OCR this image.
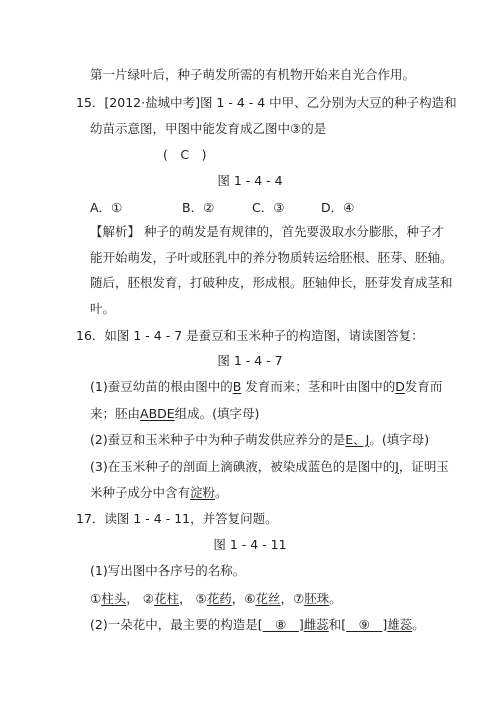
第一片绿叶后，种子萌发所需的有机物开始来自光合作用。
15．[2012·盐城中考]图 1 - 4 - 4 中甲、乙分别为大豆的种子构造和
幼苗示意图，甲图中能发育成乙图中③的是
(　C　)
图 1 - 4 - 4
A．①	B．②	C．③	D．④
【解析】 种子的萌发是有规律的，首先要汲取水分膨胀，种子才
能开始萌发，子叶或胚乳中的养分物质转运给胚根、胚芽、胚轴。
随后，胚根发育，打破种皮，形成根。胚轴伸长，胚芽发育成茎和
叶。
16．如图 1 - 4 - 7 是蚕豆和玉米种子的构造图，请读图答复：
图 1 - 4 - 7
(1)蚕豆幼苗的根由图中的B 发育而来；茎和叶由图中的D发育而
来；胚由ABDE组成。(填字母)
(2)蚕豆和玉米种子中为种子萌发供应养分的是E、J。(填字母)
(3)在玉米种子的剖面上滴碘液，被染成蓝色的是图中的J，证明玉
米种子成分中含有淀粉。
17．读图 1 - 4 - 11，并答复问题。
图 1 - 4 - 11
(1)写出图中各序号的名称。
①柱头， ②花柱， ⑤花药，⑥花丝，⑦胚珠。
(2)一朵花中，最主要的构造是[　⑧　]雌蕊和[　⑨　]雄蕊。
